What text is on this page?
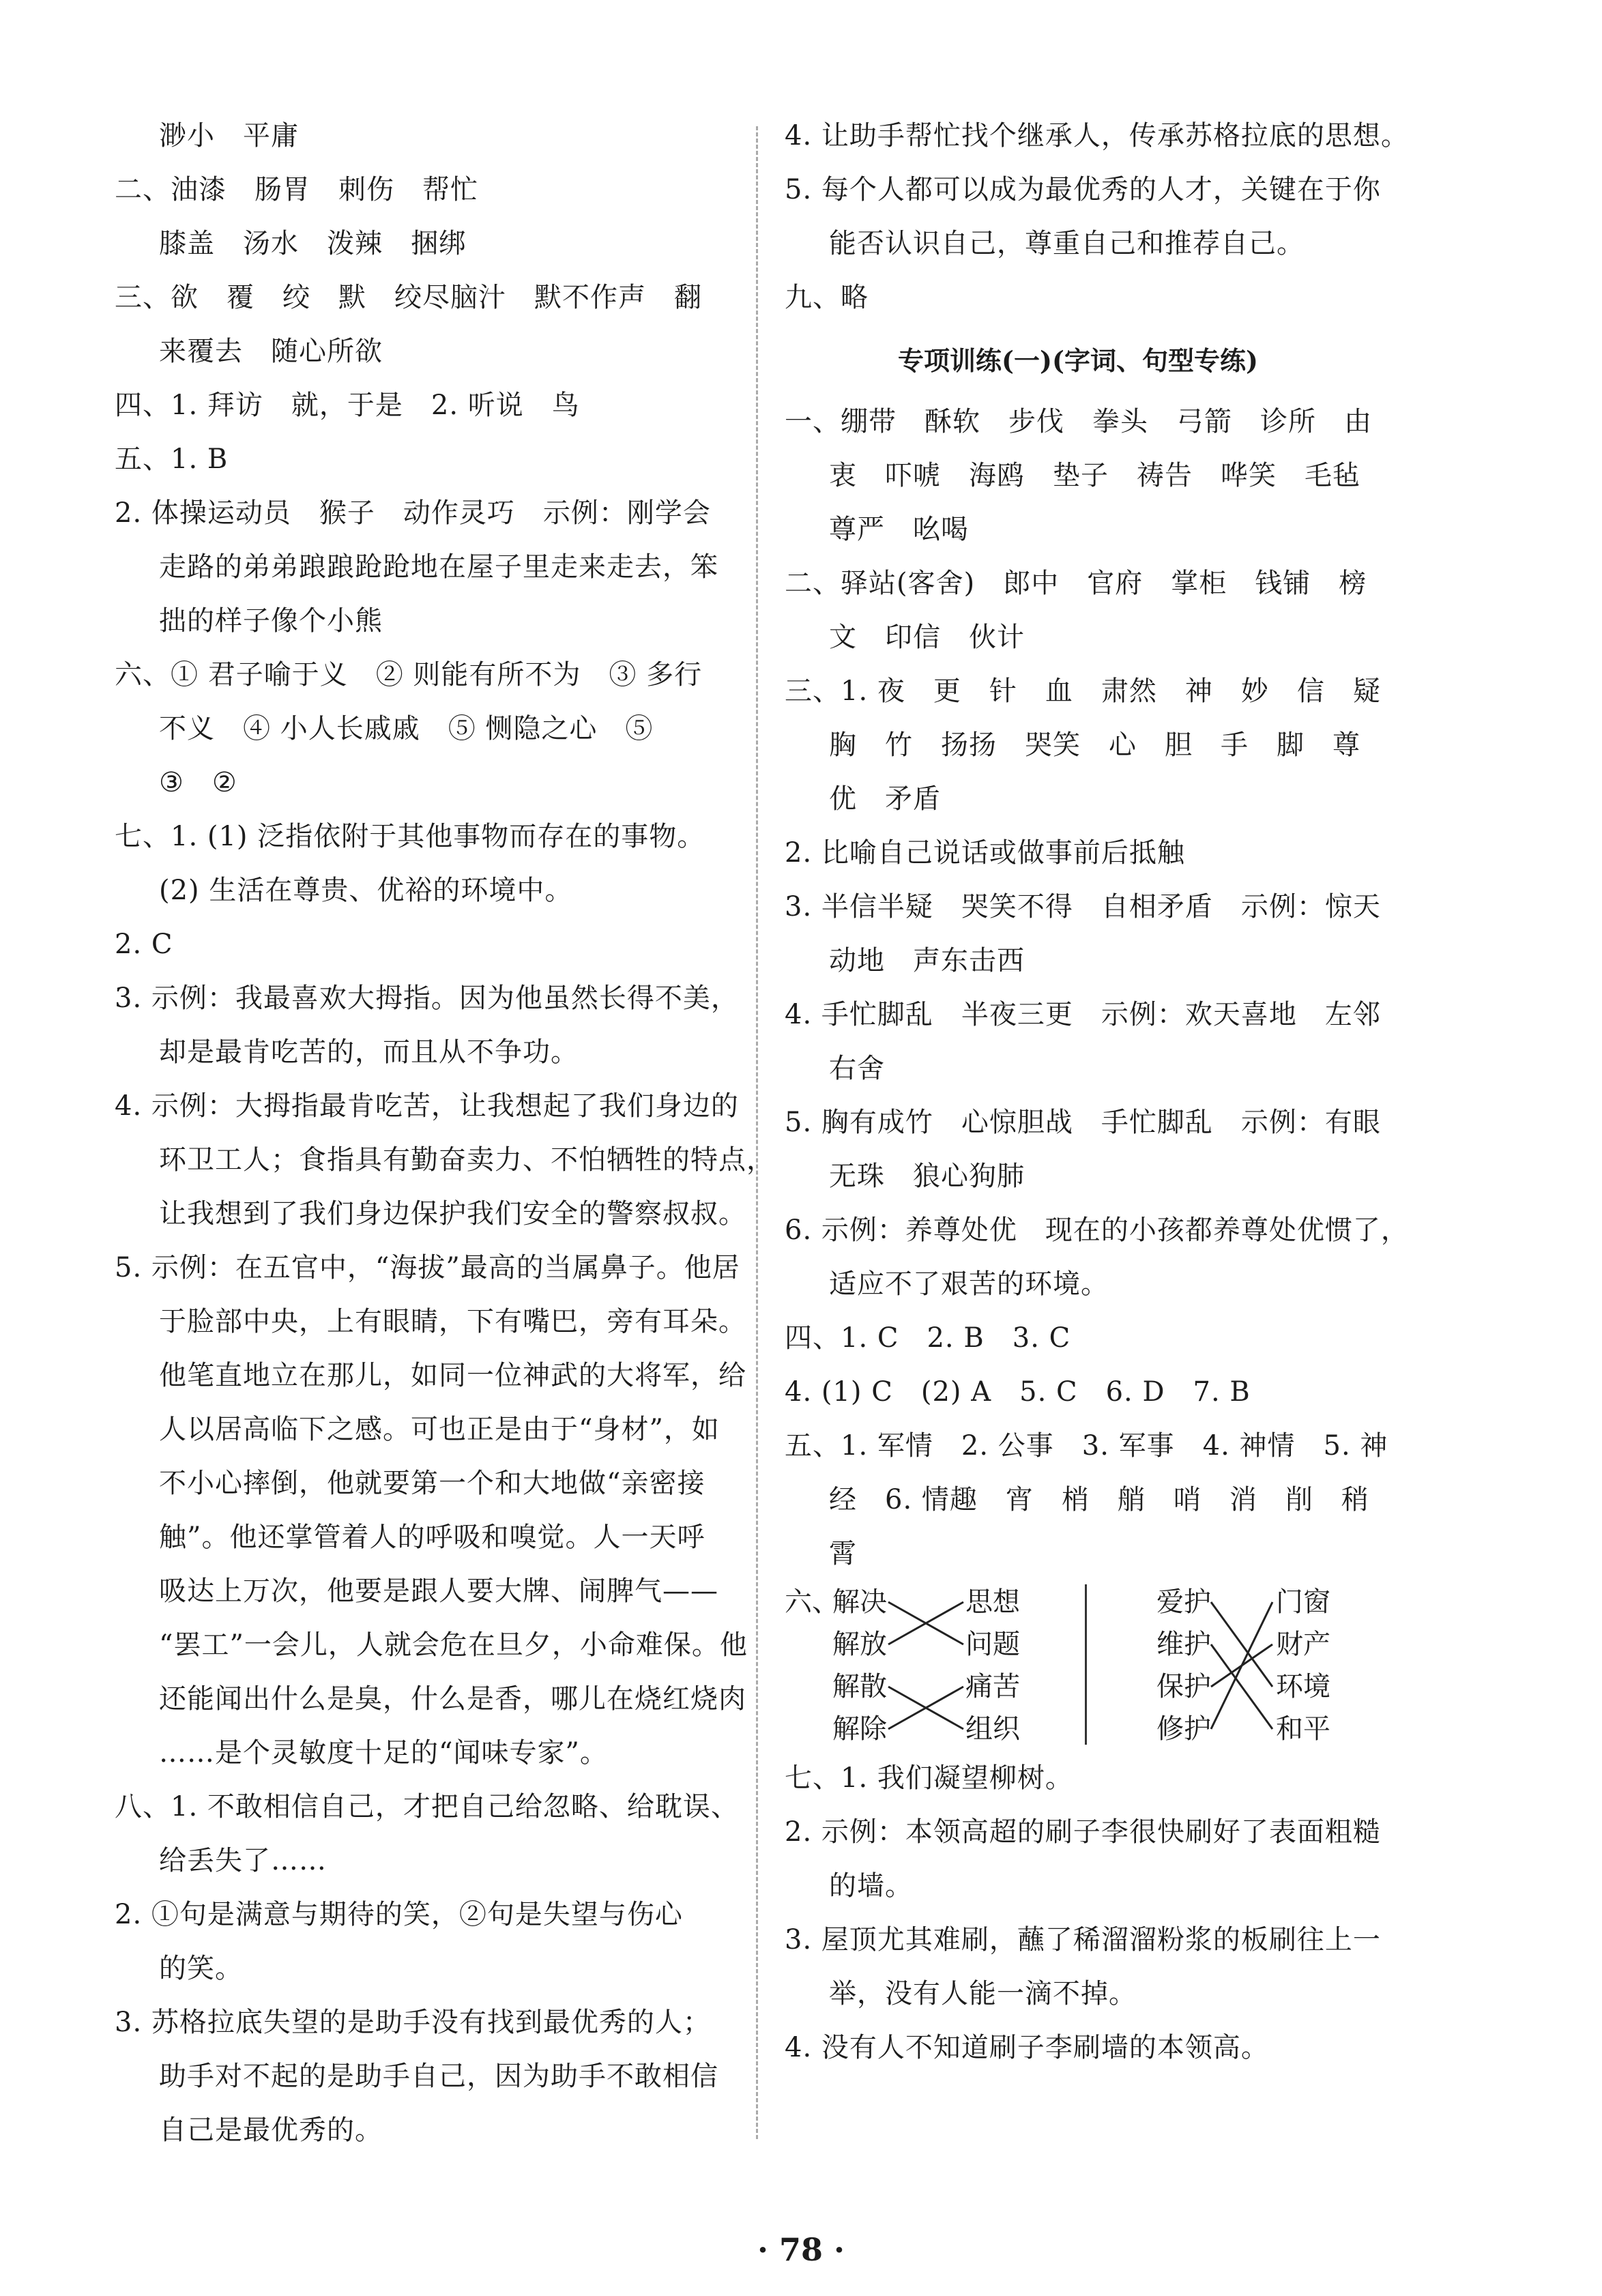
渺小　平庸
二、油漆　肠胃　刺伤　帮忙
膝盖　汤水　泼辣　捆绑
三、欲　覆　绞　默　绞尽脑汁　默不作声　翻
来覆去　随心所欲
四、1. 拜访　就，于是　2. 听说　鸟
五、1. B
2. 体操运动员　猴子　动作灵巧　示例：刚学会
走路的弟弟踉踉跄跄地在屋子里走来走去，笨
拙的样子像个小熊
六、① 君子喻于义　② 则能有所不为　③ 多行
不义　④ 小人长戚戚　⑤ 恻隐之心　⑤
③　②
七、1. (1) 泛指依附于其他事物而存在的事物。
(2) 生活在尊贵、优裕的环境中。
2. C
3. 示例：我最喜欢大拇指。因为他虽然长得不美，
却是最肯吃苦的，而且从不争功。
4. 示例：大拇指最肯吃苦，让我想起了我们身边的
环卫工人；食指具有勤奋卖力、不怕牺牲的特点，
让我想到了我们身边保护我们安全的警察叔叔。
5. 示例：在五官中，“海拔”最高的当属鼻子。他居
于脸部中央，上有眼睛，下有嘴巴，旁有耳朵。
他笔直地立在那儿，如同一位神武的大将军，给
人以居高临下之感。可也正是由于“身材”，如
不小心摔倒，他就要第一个和大地做“亲密接
触”。他还掌管着人的呼吸和嗅觉。人一天呼
吸达上万次，他要是跟人要大牌、闹脾气——
“罢工”一会儿，人就会危在旦夕，小命难保。他
还能闻出什么是臭，什么是香，哪儿在烧红烧肉
……是个灵敏度十足的“闻味专家”。
八、1. 不敢相信自己，才把自己给忽略、给耽误、
给丢失了……
2. ①句是满意与期待的笑，②句是失望与伤心
的笑。
3. 苏格拉底失望的是助手没有找到最优秀的人；
助手对不起的是助手自己，因为助手不敢相信
自己是最优秀的。
4. 让助手帮忙找个继承人，传承苏格拉底的思想。
5. 每个人都可以成为最优秀的人才，关键在于你
能否认识自己，尊重自己和推荐自己。
九、略
专项训练(一)(字词、句型专练)
一、绷带　酥软　步伐　拳头　弓箭　诊所　由
衷　吓唬　海鸥　垫子　祷告　哗笑　毛毡
尊严　吆喝
二、驿站(客舍)　郎中　官府　掌柜　钱铺　榜
文　印信　伙计
三、1. 夜　更　针　血　肃然　神　妙　信　疑
胸　竹　扬扬　哭笑　心　胆　手　脚　尊
优　矛盾
2. 比喻自己说话或做事前后抵触
3. 半信半疑　哭笑不得　自相矛盾　示例：惊天
动地　声东击西
4. 手忙脚乱　半夜三更　示例：欢天喜地　左邻
右舍
5. 胸有成竹　心惊胆战　手忙脚乱　示例：有眼
无珠　狼心狗肺
6. 示例：养尊处优　现在的小孩都养尊处优惯了，
适应不了艰苦的环境。
四、1. C　2. B　3. C
4. (1) C　(2) A　5. C　6. D　7. B
五、1. 军情　2. 公事　3. 军事　4. 神情　5. 神
经　6. 情趣　宵　梢　艄　哨　消　削　稍
霄
六、
解决
解放
解散
解除
思想
问题
痛苦
组织
爱护
维护
保护
修护
门窗
财产
环境
和平
七、1. 我们凝望柳树。
2. 示例：本领高超的刷子李很快刷好了表面粗糙
的墙。
3. 屋顶尤其难刷，蘸了稀溜溜粉浆的板刷往上一
举，没有人能一滴不掉。
4. 没有人不知道刷子李刷墙的本领高。
· 78 ·
